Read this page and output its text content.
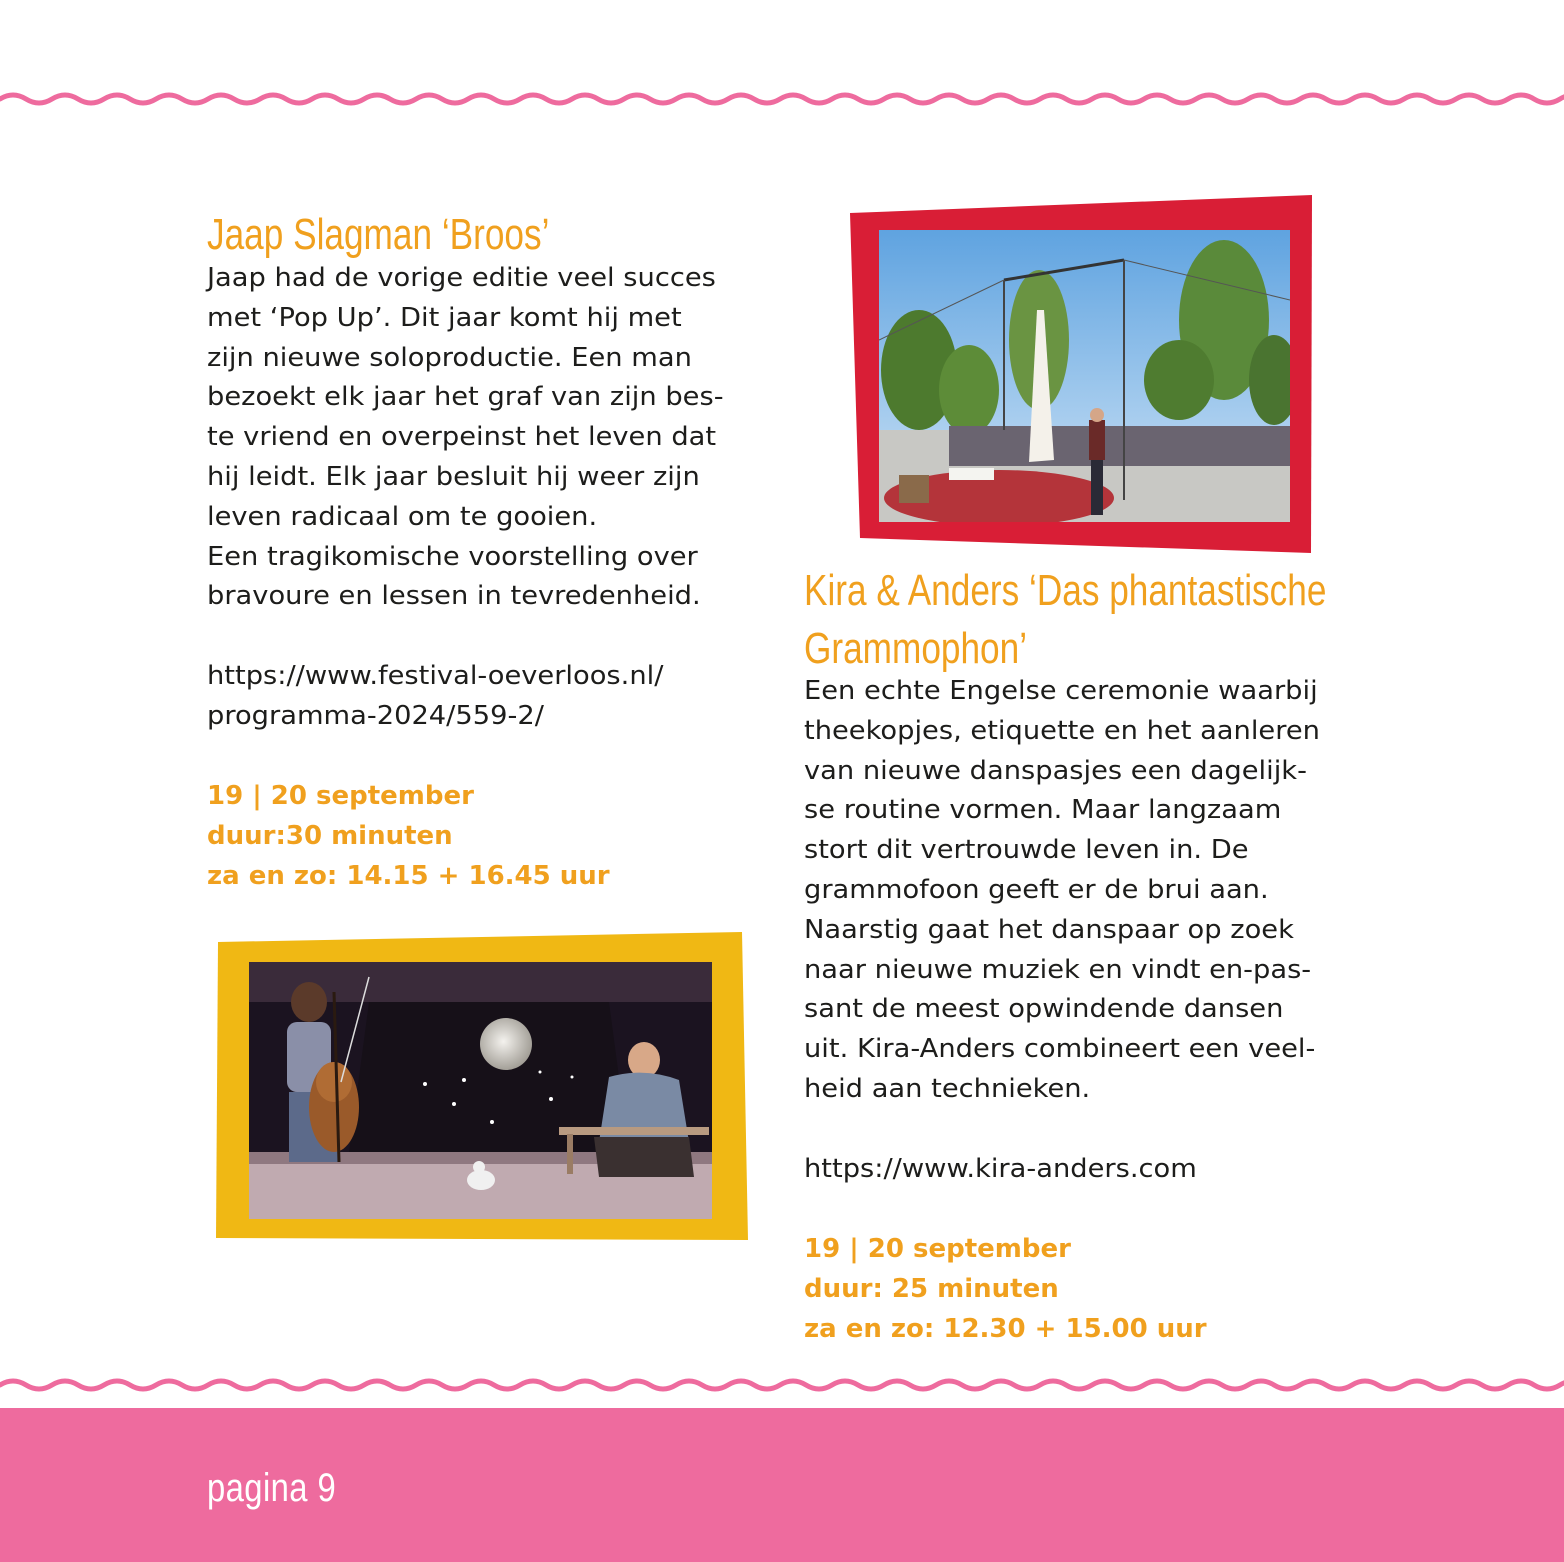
Jaap Slagman ‘Broos’

Jaap had de vorige editie veel succes
met ‘Pop Up’. Dit jaar komt hij met
zijn nieuwe soloproductie. Een man
bezoekt elk jaar het graf van zijn bes-
te vriend en overpeinst het leven dat
hij leidt. Elk jaar besluit hij weer zijn
leven radicaal om te gooien.
Een tragikomische voorstelling over
bravoure en lessen in tevredenheid.

https://www.festival-oeverloos.nl/
programma-2024/559-2/

19 | 20 september
duur:30 minuten
za en zo: 14.15 + 16.45 uur
Kira & Anders ‘Das phantastische
Grammophon’

Een echte Engelse ceremonie waarbij
theekopjes, etiquette en het aanleren
van nieuwe danspasjes een dagelijk-
se routine vormen. Maar langzaam
stort dit vertrouwde leven in. De
grammofoon geeft er de brui aan.
Naarstig gaat het danspaar op zoek
naar nieuwe muziek en vindt en-pas-
sant de meest opwindende dansen
uit. Kira-Anders combineert een veel-
heid aan technieken.

https://www.kira-anders.com

19 | 20 september
duur: 25 minuten
za en zo: 12.30 + 15.00 uur
pagina 9
